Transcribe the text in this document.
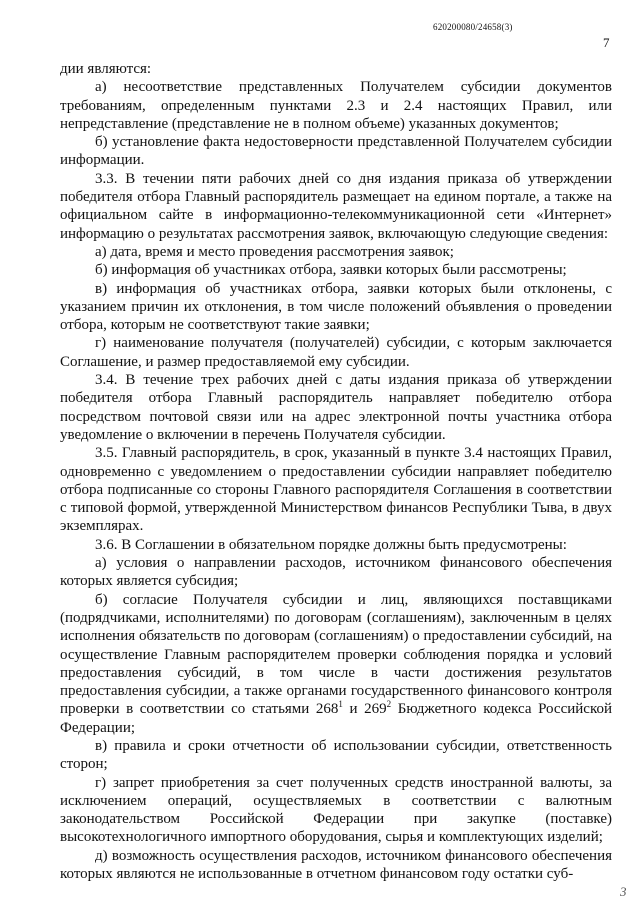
620200080/24658(3)
7

дии являются:

а) несоответствие представленных Получателем субсидии документов требованиям, определенным пунктами 2.3 и 2.4 настоящих Правил, или непредставление (представление не в полном объеме) указанных документов;

б) установление факта недостоверности представленной Получателем субсидии информации.

3.3. В течении пяти рабочих дней со дня издания приказа об утверждении победителя отбора Главный распорядитель размещает на едином портале, а также на официальном сайте в информационно-телекоммуникационной сети «Интернет» информацию о результатах рассмотрения заявок, включающую следующие сведения:

а) дата, время и место проведения рассмотрения заявок;

б) информация об участниках отбора, заявки которых были рассмотрены;

в) информация об участниках отбора, заявки которых были отклонены, с указанием причин их отклонения, в том числе положений объявления о проведении отбора, которым не соответствуют такие заявки;

г) наименование получателя (получателей) субсидии, с которым заключается Соглашение, и размер предоставляемой ему субсидии.

3.4. В течение трех рабочих дней с даты издания приказа об утверждении победителя отбора Главный распорядитель направляет победителю отбора посредством почтовой связи или на адрес электронной почты участника отбора уведомление о включении в перечень Получателя субсидии.

3.5. Главный распорядитель, в срок, указанный в пункте 3.4 настоящих Правил, одновременно с уведомлением о предоставлении субсидии направляет победителю отбора подписанные со стороны Главного распорядителя Соглашения в соответствии с типовой формой, утвержденной Министерством финансов Республики Тыва, в двух экземплярах.

3.6. В Соглашении в обязательном порядке должны быть предусмотрены:

а) условия о направлении расходов, источником финансового обеспечения которых является субсидия;

б) согласие Получателя субсидии и лиц, являющихся поставщиками (подрядчиками, исполнителями) по договорам (соглашениям), заключенным в целях исполнения обязательств по договорам (соглашениям) о предоставлении субсидий, на осуществление Главным распорядителем проверки соблюдения порядка и условий предоставления субсидий, в том числе в части достижения результатов предоставления субсидии, а также органами государственного финансового контроля проверки в соответствии со статьями $268^1$ и $269^2$ Бюджетного кодекса Российской Федерации;

в) правила и сроки отчетности об использовании субсидии, ответственность сторон;

г) запрет приобретения за счет полученных средств иностранной валюты, за исключением операций, осуществляемых в соответствии с валютным законодательством Российской Федерации при закупке (поставке) высокотехнологичного импортного оборудования, сырья и комплектующих изделий;

д) возможность осуществления расходов, источником финансового обеспечения которых являются не использованные в отчетном финансовом году остатки суб-

3
